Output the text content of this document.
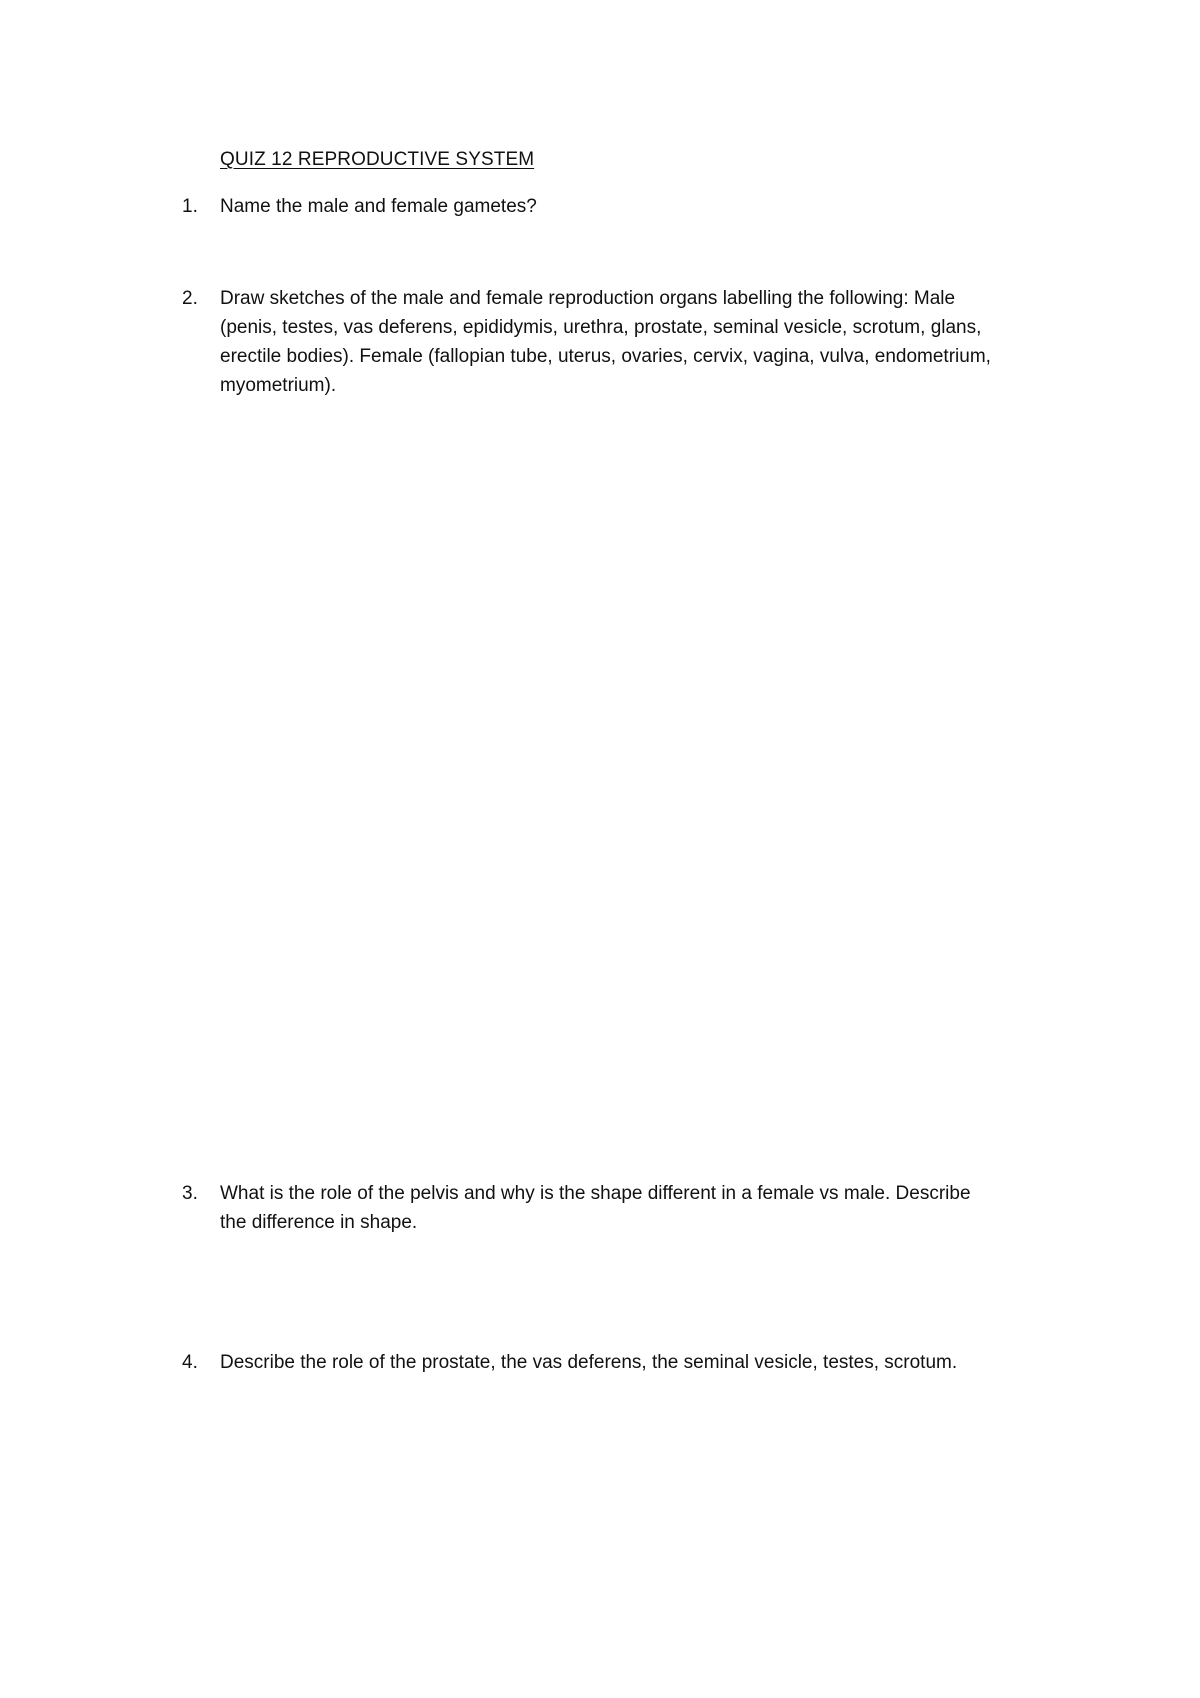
QUIZ 12 REPRODUCTIVE SYSTEM
1. Name the male and female gametes?
2. Draw sketches of the male and female reproduction organs labelling the following: Male
(penis, testes, vas deferens, epididymis, urethra, prostate, seminal vesicle, scrotum, glans,
erectile bodies). Female (fallopian tube, uterus, ovaries, cervix, vagina, vulva, endometrium,
myometrium).
3. What is the role of the pelvis and why is the shape different in a female vs male. Describe
the difference in shape.
4. Describe the role of the prostate, the vas deferens, the seminal vesicle, testes, scrotum.
